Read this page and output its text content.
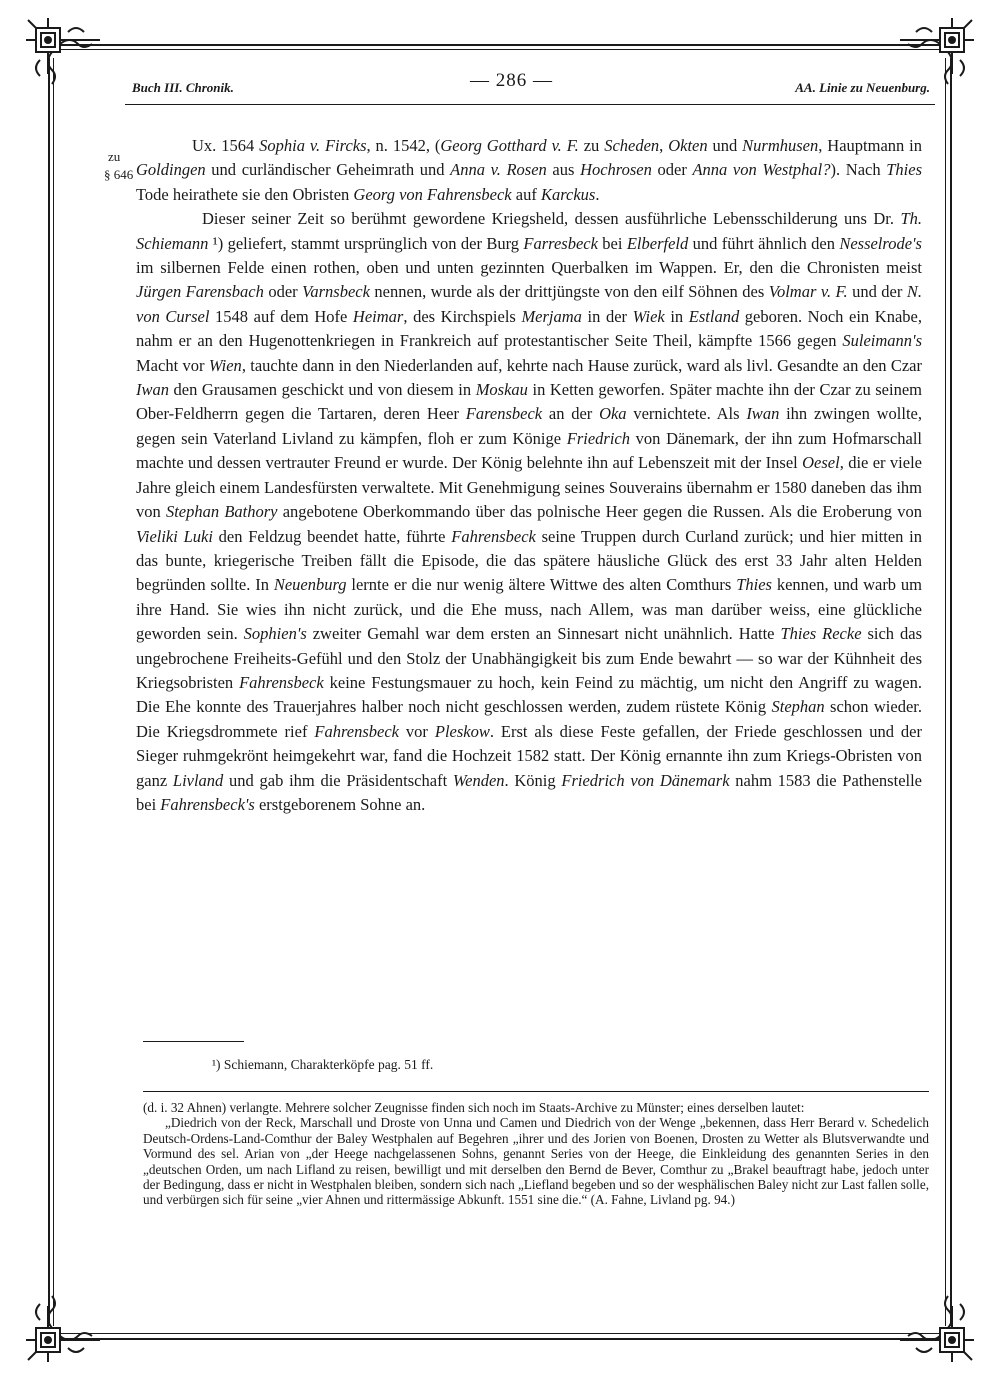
Buch III. Chronik.	— 286 —	AA. Linie zu Neuenburg.
zu
§ 646

Ux. 1564 Sophia v. Fircks, n. 1542, (Georg Gotthard v. F. zu Scheden, Okten und Nurmhusen, Hauptmann in Goldingen und curländischer Geheimrath und Anna v. Rosen aus Hochrosen oder Anna von Westphal?). Nach Thies Tode heirathete sie den Obristen Georg von Fahrensbeck auf Karckus.

Dieser seiner Zeit so berühmt gewordene Kriegsheld, dessen ausführliche Lebensschilderung uns Dr. Th. Schiemann ¹) geliefert, stammt ursprünglich von der Burg Farresbeck bei Elberfeld und führt ähnlich den Nesselrode's im silbernen Felde einen rothen, oben und unten gezinnten Querbalken im Wappen. Er, den die Chronisten meist Jürgen Farensbach oder Varnsbeck nennen, wurde als der drittjüngste von den eilf Söhnen des Volmar v. F. und der N. von Cursel 1548 auf dem Hofe Heimar, des Kirchspiels Merjama in der Wiek in Estland geboren. Noch ein Knabe, nahm er an den Hugenottenkriegen in Frankreich auf protestantischer Seite Theil, kämpfte 1566 gegen Suleimann's Macht vor Wien, tauchte dann in den Niederlanden auf, kehrte nach Hause zurück, ward als livl. Gesandte an den Czar Iwan den Grausamen geschickt und von diesem in Moskau in Ketten geworfen. Später machte ihn der Czar zu seinem Ober-Feldherrn gegen die Tartaren, deren Heer Farensbeck an der Oka vernichtete. Als Iwan ihn zwingen wollte, gegen sein Vaterland Livland zu kämpfen, floh er zum Könige Friedrich von Dänemark, der ihn zum Hofmarschall machte und dessen vertrauter Freund er wurde. Der König belehnte ihn auf Lebenszeit mit der Insel Oesel, die er viele Jahre gleich einem Landesfürsten verwaltete. Mit Genehmigung seines Souverains übernahm er 1580 daneben das ihm von Stephan Bathory angebotene Oberkommando über das polnische Heer gegen die Russen. Als die Eroberung von Vieliki Luki den Feldzug beendet hatte, führte Fahrensbeck seine Truppen durch Curland zurück; und hier mitten in das bunte, kriegerische Treiben fällt die Episode, die das spätere häusliche Glück des erst 33 Jahr alten Helden begründen sollte. In Neuenburg lernte er die nur wenig ältere Wittwe des alten Comthurs Thies kennen, und warb um ihre Hand. Sie wies ihn nicht zurück, und die Ehe muss, nach Allem, was man darüber weiss, eine glückliche geworden sein. Sophien's zweiter Gemahl war dem ersten an Sinnesart nicht unähnlich. Hatte Thies Recke sich das ungebrochene Freiheits-Gefühl und den Stolz der Unabhängigkeit bis zum Ende bewahrt — so war der Kühnheit des Kriegsobristen Fahrensbeck keine Festungsmauer zu hoch, kein Feind zu mächtig, um nicht den Angriff zu wagen. Die Ehe konnte des Trauerjahres halber noch nicht geschlossen werden, zudem rüstete König Stephan schon wieder. Die Kriegsdrommete rief Fahrensbeck vor Pleskow. Erst als diese Feste gefallen, der Friede geschlossen und der Sieger ruhmgekrönt heimgekehrt war, fand die Hochzeit 1582 statt. Der König ernannte ihn zum Kriegs-Obristen von ganz Livland und gab ihm die Präsidentschaft Wenden. König Friedrich von Dänemark nahm 1583 die Pathenstelle bei Fahrensbeck's erstgeborenem Sohne an.

¹) Schiemann, Charakterköpfe pag. 51 ff.

(d. i. 32 Ahnen) verlangte. Mehrere solcher Zeugnisse finden sich noch im Staats-Archive zu Münster; eines derselben lautet:

„Diedrich von der Reck, Marschall und Droste von Unna und Camen und Diedrich von der Wenge „bekennen, dass Herr Berard v. Schedelich Deutsch-Ordens-Land-Comthur der Baley Westphalen auf Begehren „ihrer und des Jorien von Boenen, Drosten zu Wetter als Blutsverwandte und Vormund des sel. Arian von „der Heege nachgelassenen Sohns, genannt Series von der Heege, die Einkleidung des genannten Series in den „deutschen Orden, um nach Lifland zu reisen, bewilligt und mit derselben den Bernd de Bever, Comthur zu „Brakel beauftragt habe, jedoch unter der Bedingung, dass er nicht in Westphalen bleiben, sondern sich nach „Liefland begeben und so der wesphälischen Baley nicht zur Last fallen solle, und verbürgen sich für seine „vier Ahnen und rittermässige Abkunft. 1551 sine die.“ (A. Fahne, Livland pg. 94.)
